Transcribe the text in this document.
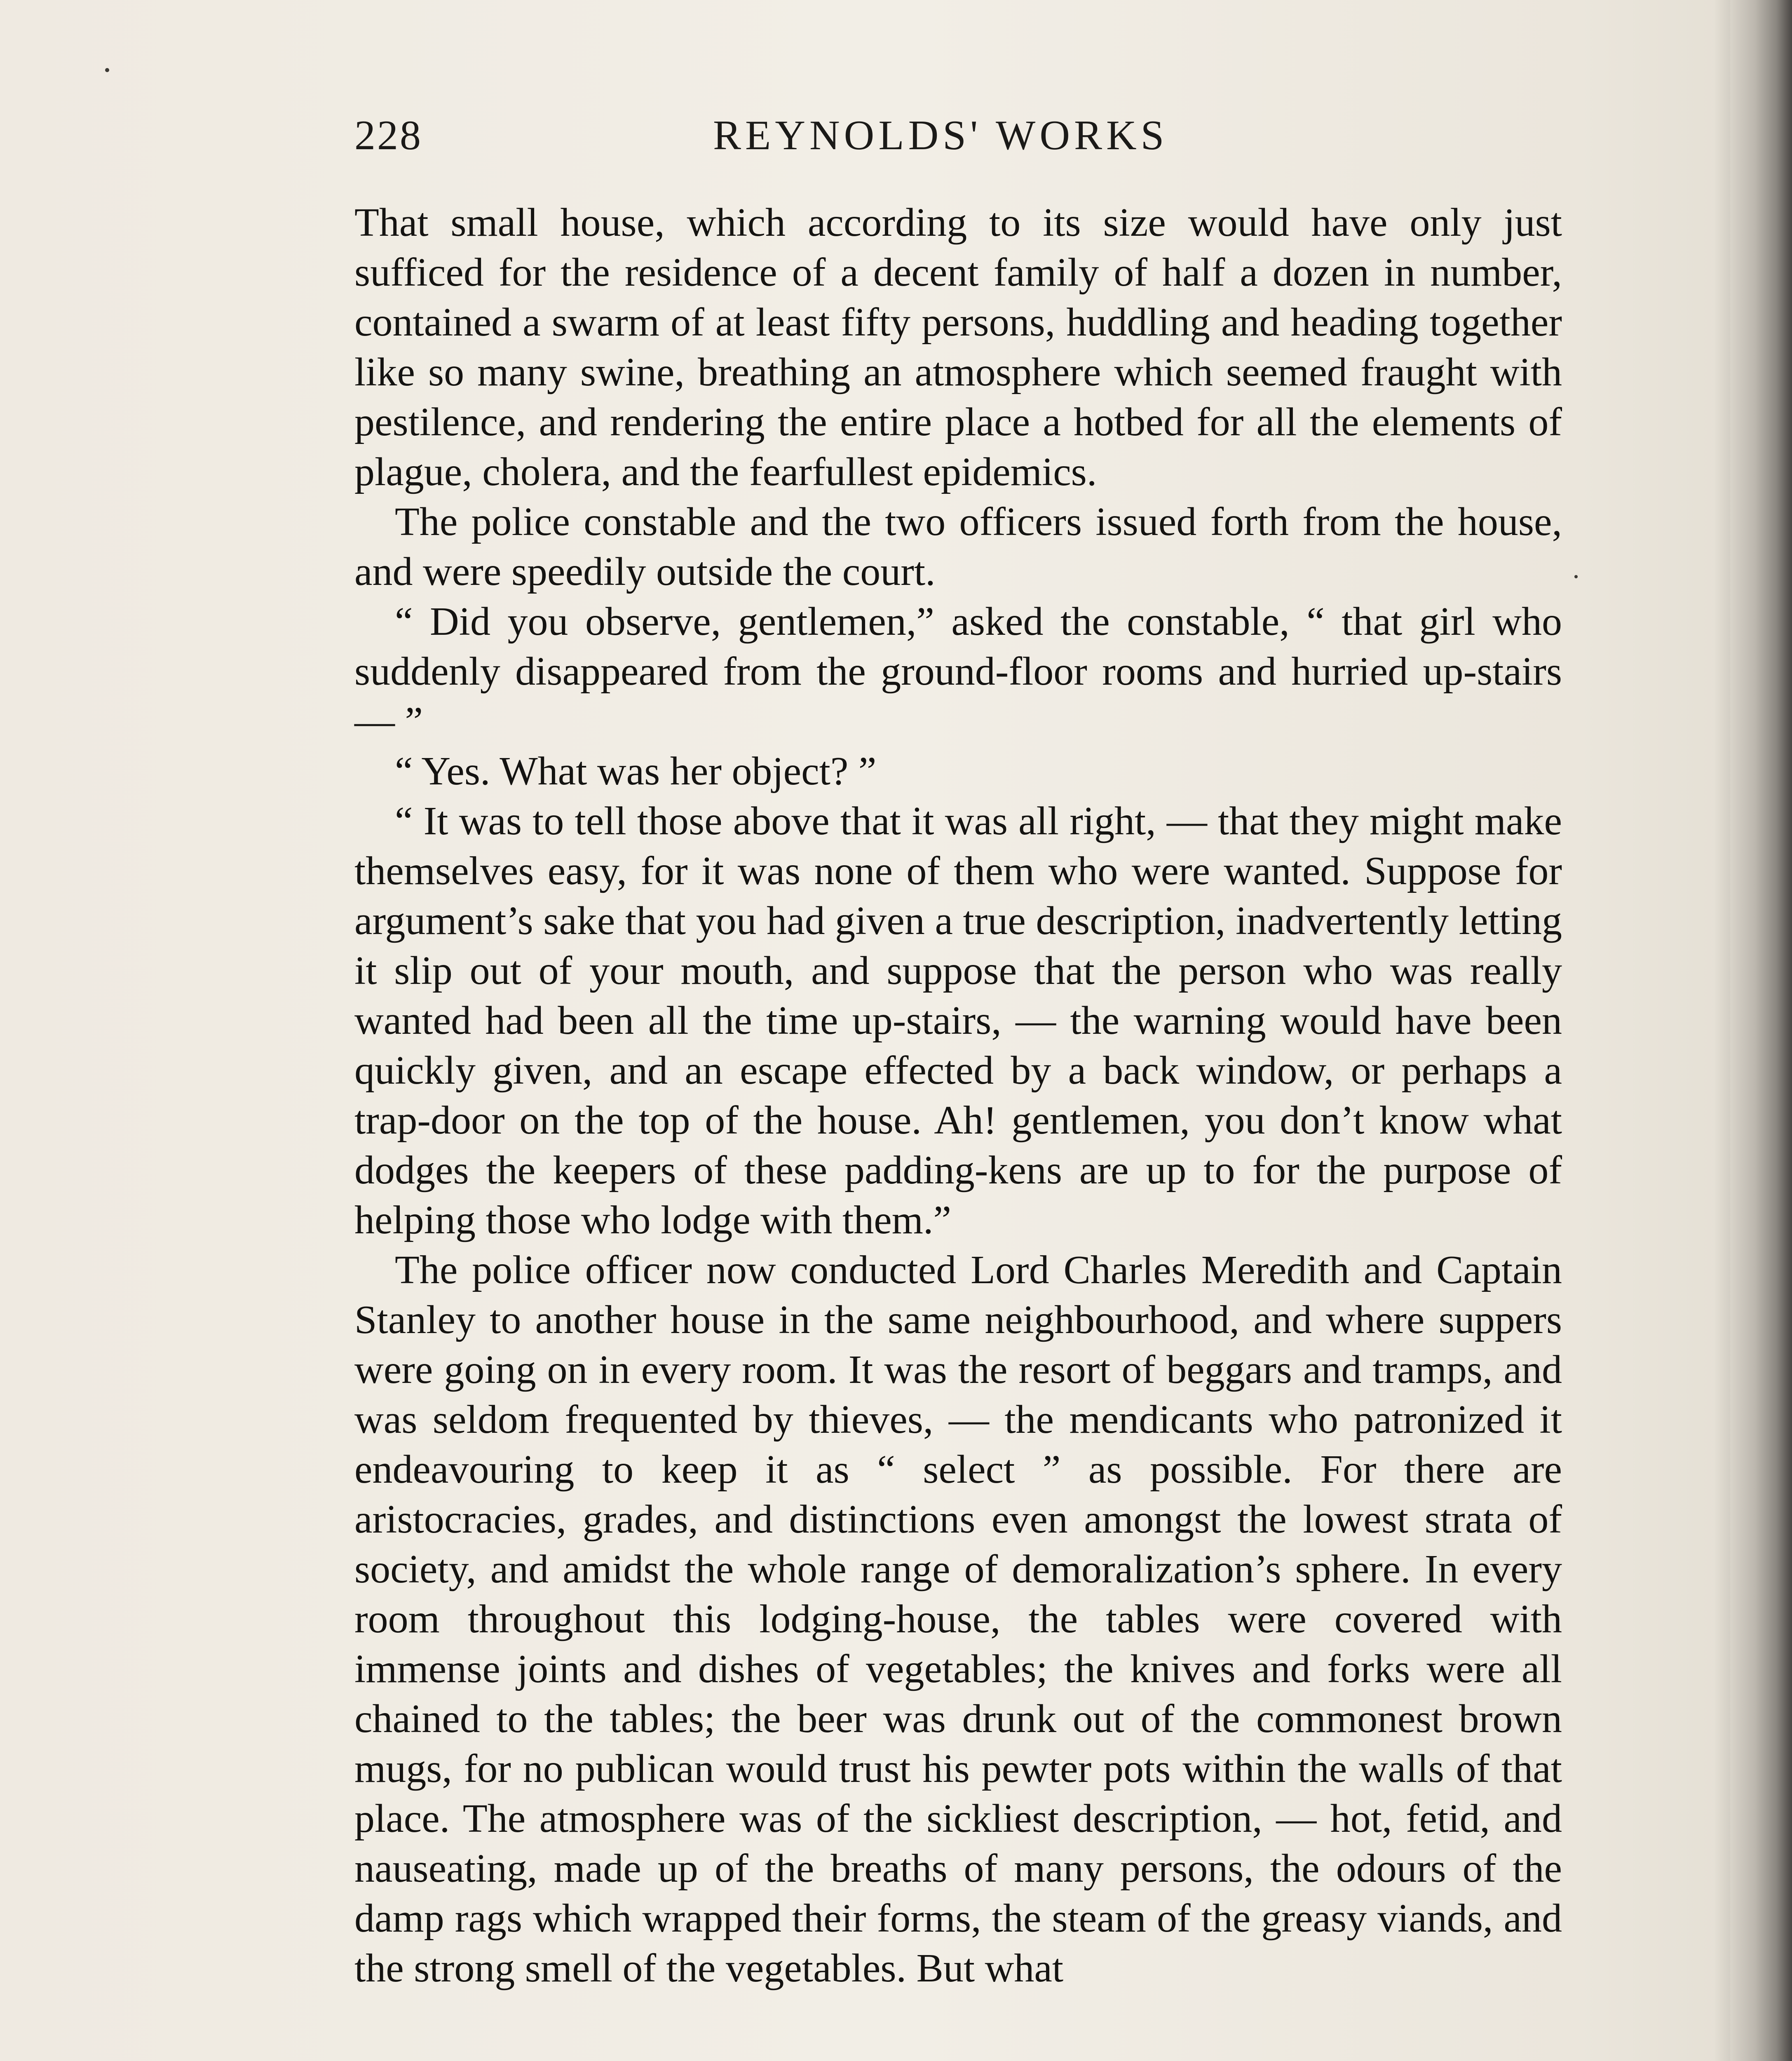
228	REYNOLDS' WORKS

That small house, which according to its size would have only just sufficed for the residence of a decent family of half a dozen in number, contained a swarm of at least fifty persons, huddling and heading together like so many swine, breathing an atmosphere which seemed fraught with pestilence, and rendering the entire place a hotbed for all the elements of plague, cholera, and the fearfullest epidemics.

The police constable and the two officers issued forth from the house, and were speedily outside the court.

“ Did you observe, gentlemen,” asked the constable, “ that girl who suddenly disappeared from the ground-floor rooms and hurried up-stairs — ”

“ Yes. What was her object? ”

“ It was to tell those above that it was all right, — that they might make themselves easy, for it was none of them who were wanted. Suppose for argument’s sake that you had given a true description, inadvertently letting it slip out of your mouth, and suppose that the person who was really wanted had been all the time up-stairs, — the warning would have been quickly given, and an escape effected by a back window, or perhaps a trap-door on the top of the house. Ah! gentlemen, you don’t know what dodges the keepers of these padding-kens are up to for the purpose of helping those who lodge with them.”

The police officer now conducted Lord Charles Meredith and Captain Stanley to another house in the same neighbourhood, and where suppers were going on in every room. It was the resort of beggars and tramps, and was seldom frequented by thieves, — the mendicants who patronized it endeavouring to keep it as “ select ” as possible. For there are aristocracies, grades, and distinctions even amongst the lowest strata of society, and amidst the whole range of demoralization’s sphere. In every room throughout this lodging-house, the tables were covered with immense joints and dishes of vegetables; the knives and forks were all chained to the tables; the beer was drunk out of the commonest brown mugs, for no publican would trust his pewter pots within the walls of that place. The atmosphere was of the sickliest description, — hot, fetid, and nauseating, made up of the breaths of many persons, the odours of the damp rags which wrapped their forms, the steam of the greasy viands, and the strong smell of the vegetables. But what
